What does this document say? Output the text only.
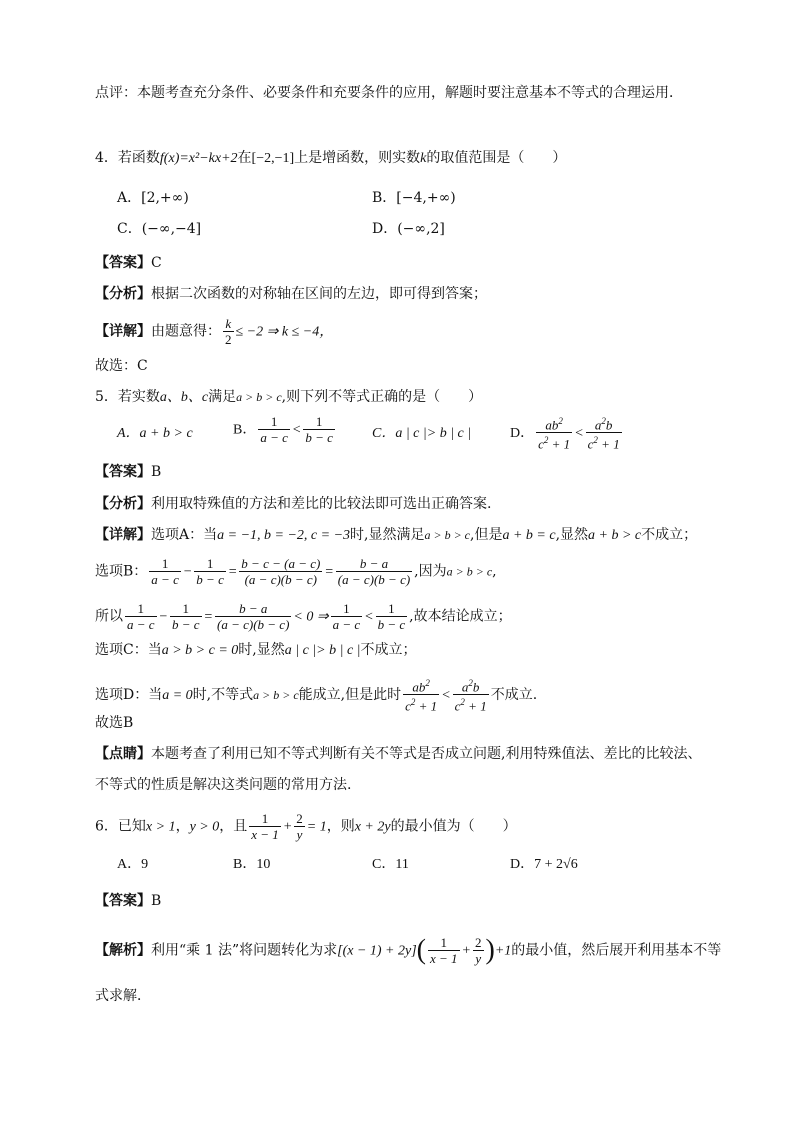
点评：本题考查充分条件、必要条件和充要条件的应用，解题时要注意基本不等式的合理运用．
4．若函数f(x)=x²−kx+2在[−2,−1]上是增函数，则实数k的取值范围是（　　）
A．[2,+∞)	B．[−4,+∞)
C．(−∞,−4]	D．(−∞,2]
【答案】C
【分析】根据二次函数的对称轴在区间的左边，即可得到答案；
【详解】由题意得： $\frac{k}{2} \le -2$ ⇒ k ≤ −4，
故选：C
5．若实数a、b、c满足a > b > c,则下列不等式正确的是（　　）
A．a + b > c	B． $\frac{1}{a - c} < \frac{1}{b - c}$	C．a | c |> b | c |	D． $\frac{ab^2}{c^2 + 1} < \frac{a^2b}{c^2 + 1}$
【答案】B
【分析】利用取特殊值的方法和差比的比较法即可选出正确答案.
【详解】选项A：当a = −1, b = −2, c = −3时,显然满足a > b > c,但是a + b = c,显然a + b > c不成立；
选项B： $\frac{1}{a - c} - \frac{1}{b - c} = \frac{b - c - (a - c)}{(a - c)(b - c)} = \frac{b - a}{(a - c)(b - c)}$ ,因为a > b > c,
所以 $\frac{1}{a - c} - \frac{1}{b - c} = \frac{b - a}{(a - c)(b - c)} < 0$ ⇒ $\frac{1}{a - c} < \frac{1}{b - c}$ ,故本结论成立；
选项C：当a > b > c = 0时,显然a | c |> b | c |不成立；
选项D：当a = 0时,不等式a > b > c能成立,但是此时 $\frac{ab^2}{c^2 + 1} < \frac{a^2b}{c^2 + 1}$ 不成立.
故选B
【点睛】本题考查了利用已知不等式判断有关不等式是否成立问题,利用特殊值法、差比的比较法、
不等式的性质是解决这类问题的常用方法.
6．已知x > 1，y > 0，且 $\frac{1}{x - 1} + \frac{2}{y} = 1$，则x + 2y的最小值为（　　）
A．9	B．10	C．11	D．7 + 2√6
【答案】B
【解析】利用“乘 1 法”将问题转化为求$[(x - 1) + 2y]( \frac{1}{x - 1} + \frac{2}{y} )+1$的最小值，然后展开利用基本不等
式求解．
